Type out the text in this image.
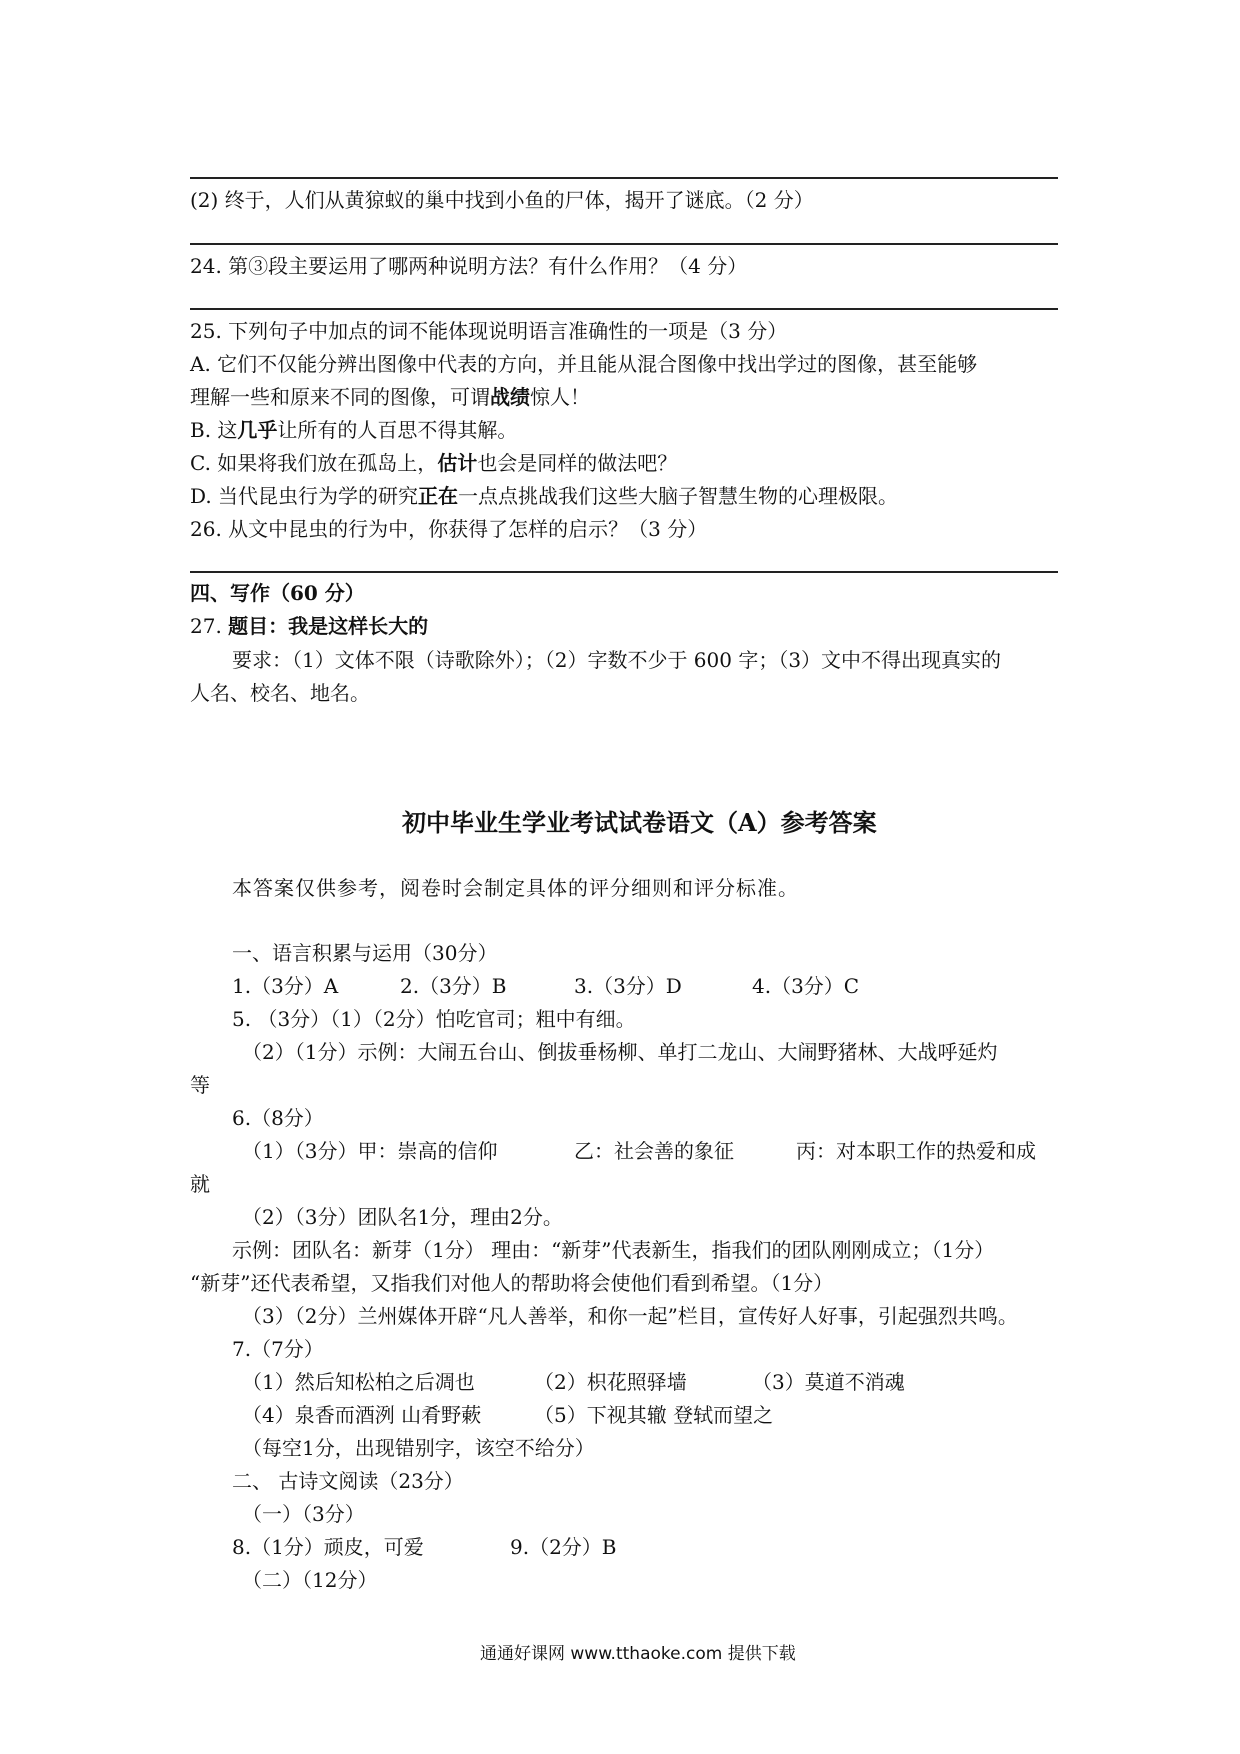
(2) 终于，人们从黄猄蚁的巢中找到小鱼的尸体，揭开了谜底。（2 分）
24. 第③段主要运用了哪两种说明方法？有什么作用？（4 分）
25. 下列句子中加点的词不能体现说明语言准确性的一项是（3 分）
A. 它们不仅能分辨出图像中代表的方向，并且能从混合图像中找出学过的图像，甚至能够
理解一些和原来不同的图像，可谓战绩惊人！
B. 这几乎让所有的人百思不得其解。
C. 如果将我们放在孤岛上，估计也会是同样的做法吧？
D. 当代昆虫行为学的研究正在一点点挑战我们这些大脑子智慧生物的心理极限。
26. 从文中昆虫的行为中，你获得了怎样的启示？（3 分）
四、写作（60 分）
27. 题目：我是这样长大的
要求：（1）文体不限（诗歌除外）；（2）字数不少于 600 字；（3）文中不得出现真实的
人名、校名、地名。
初中毕业生学业考试试卷语文（A）参考答案
本答案仅供参考，阅卷时会制定具体的评分细则和评分标准。
一、语言积累与运用（30分）
1.（3分）A	2.（3分）B	3.（3分）D	4.（3分）C
5. （3分）（1）（2分）怕吃官司；粗中有细。
（2）（1分）示例：大闹五台山、倒拔垂杨柳、单打二龙山、大闹野猪林、大战呼延灼
等
6.（8分）
（1）（3分）甲：崇高的信仰	乙：社会善的象征	丙：对本职工作的热爱和成
就
（2）（3分）团队名1分，理由2分。
示例：团队名：新芽（1分） 理由：“新芽”代表新生，指我们的团队刚刚成立；（1分）
“新芽”还代表希望，又指我们对他人的帮助将会使他们看到希望。（1分）
（3）（2分）兰州媒体开辟“凡人善举，和你一起”栏目，宣传好人好事，引起强烈共鸣。
7.（7分）
（1）然后知松柏之后凋也	（2）枳花照驿墙	（3）莫道不消魂
（4）泉香而酒洌 山肴野蔌	（5）下视其辙 登轼而望之
（每空1分，出现错别字，该空不给分）
二、 古诗文阅读（23分）
（一）（3分）
8.（1分）顽皮，可爱	9.（2分）B
（二）（12分）
通通好课网 www.tthaoke.com 提供下载
